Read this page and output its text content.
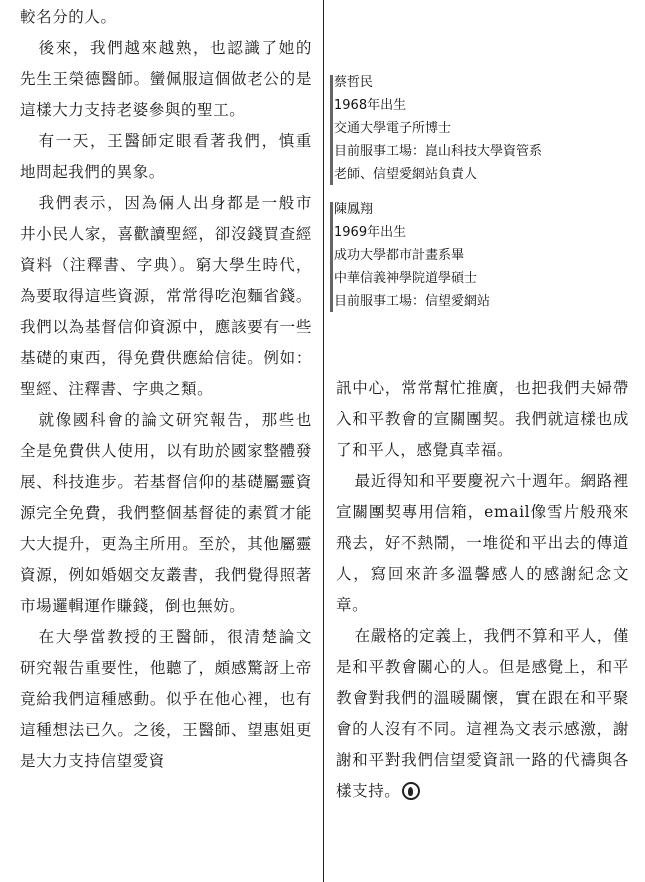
較名分的人。

後來，我們越來越熟，也認識了她的先生王榮德醫師。蠻佩服這個做老公的是這樣大力支持老婆參與的聖工。

有一天，王醫師定眼看著我們，慎重地問起我們的異象。

我們表示，因為倆人出身都是一般市井小民人家，喜歡讀聖經，卻沒錢買查經資料（注釋書、字典）。窮大學生時代，為要取得這些資源，常常得吃泡麵省錢。我們以為基督信仰資源中，應該要有一些基礎的東西，得免費供應給信徒。例如：聖經、注釋書、字典之類。

就像國科會的論文研究報告，那些也全是免費供人使用，以有助於國家整體發展、科技進步。若基督信仰的基礎屬靈資源完全免費，我們整個基督徒的素質才能大大提升，更為主所用。至於，其他屬靈資源，例如婚姻交友叢書，我們覺得照著市場邏輯運作賺錢，倒也無妨。

在大學當教授的王醫師，很清楚論文研究報告重要性，他聽了，頗感驚訝上帝竟給我們這種感動。似乎在他心裡，也有這種想法已久。之後，王醫師、望惠姐更是大力支持信望愛資

蔡哲民
1968年出生
交通大學電子所博士
目前服事工場：崑山科技大學資管系
老師、信望愛網站負責人
陳鳳翔
1969年出生
成功大學都市計畫系畢
中華信義神學院道學碩士
目前服事工場：信望愛網站

訊中心，常常幫忙推廣，也把我們夫婦帶入和平教會的宣關團契。我們就這樣也成了和平人，感覺真幸福。

最近得知和平要慶祝六十週年。網路裡宣關團契專用信箱，email像雪片般飛來飛去，好不熱鬧，一堆從和平出去的傳道人，寫回來許多溫馨感人的感謝紀念文章。

在嚴格的定義上，我們不算和平人，僅是和平教會關心的人。但是感覺上，和平教會對我們的溫暖關懷，實在跟在和平聚會的人沒有不同。這裡為文表示感激，謝謝和平對我們信望愛資訊一路的代禱與各樣支持。
